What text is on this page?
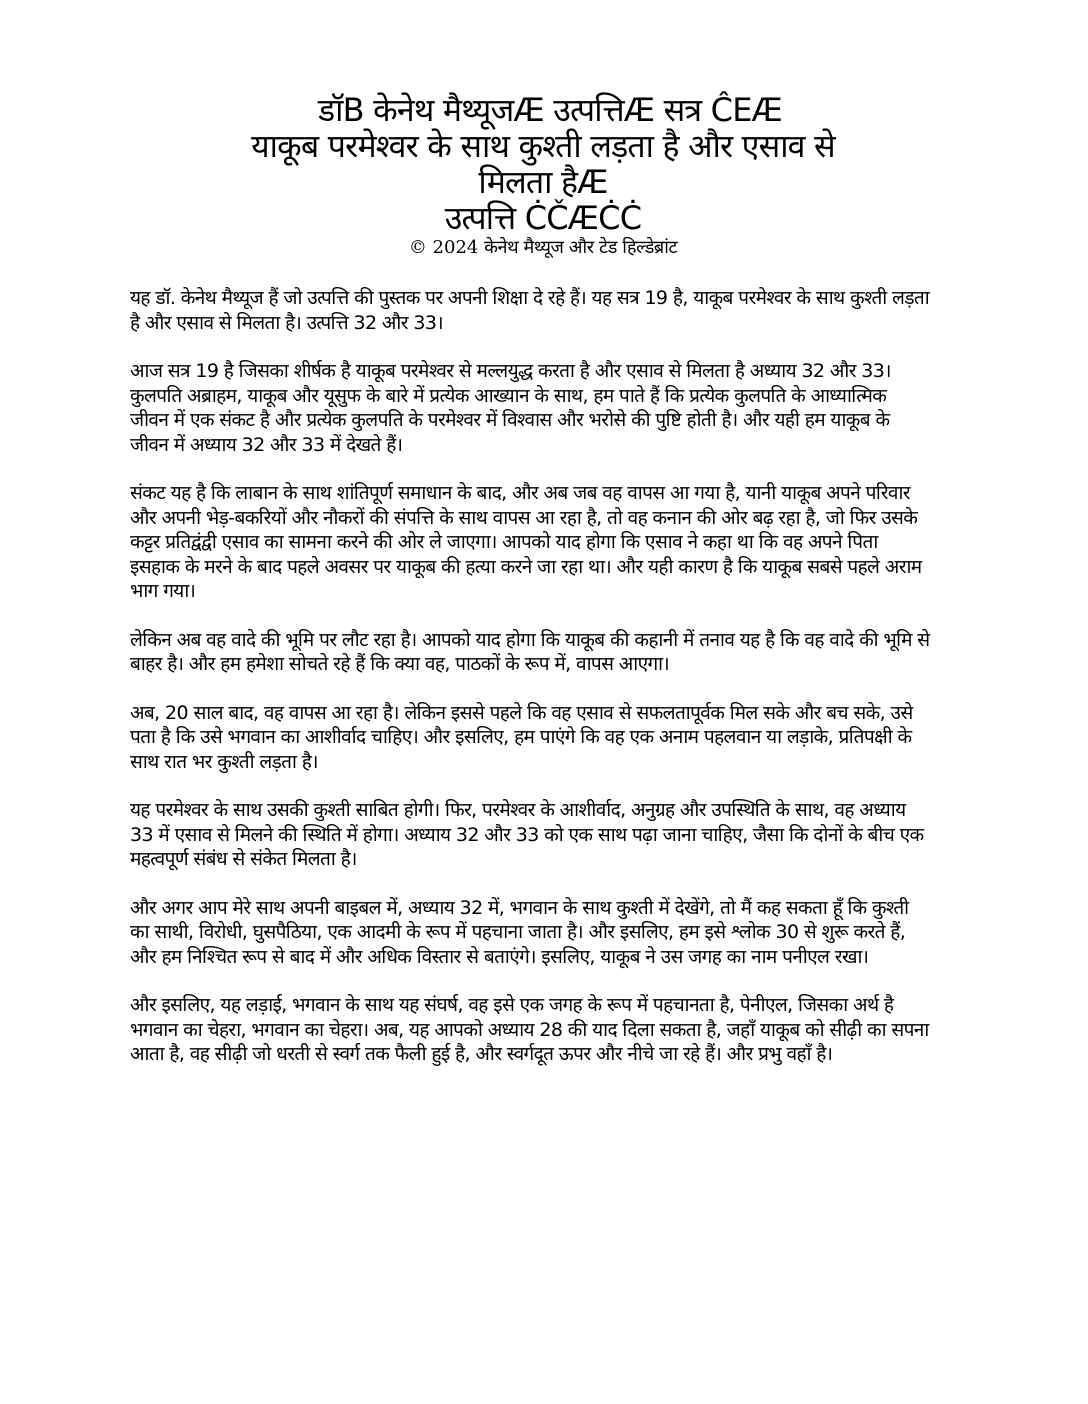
डॉB केनेथ मैथ्यूजÆ उत्पत्तिÆ सत्र ĈEÆ
याकूब परमेश्वर के साथ कुश्ती लड़ता है और एसाव से
मिलता हैÆ
उत्पत्ति ĊČÆĊĊ
© 2024 केनेथ मैथ्यूज और टेड हिल्डेब्रांट

यह डॉ. केनेथ मैथ्यूज हैं जो उत्पत्ति की पुस्तक पर अपनी शिक्षा दे रहे हैं। यह सत्र 19 है, याकूब परमेश्वर के साथ कुश्ती लड़ता है और एसाव से मिलता है। उत्पत्ति 32 और 33।

आज सत्र 19 है जिसका शीर्षक है याकूब परमेश्वर से मल्लयुद्ध करता है और एसाव से मिलता है अध्याय 32 और 33। कुलपति अब्राहम, याकूब और यूसुफ के बारे में प्रत्येक आख्यान के साथ, हम पाते हैं कि प्रत्येक कुलपति के आध्यात्मिक जीवन में एक संकट है और प्रत्येक कुलपति के परमेश्वर में विश्वास और भरोसे की पुष्टि होती है। और यही हम याकूब के जीवन में अध्याय 32 और 33 में देखते हैं।

संकट यह है कि लाबान के साथ शांतिपूर्ण समाधान के बाद, और अब जब वह वापस आ गया है, यानी याकूब अपने परिवार और अपनी भेड़-बकरियों और नौकरों की संपत्ति के साथ वापस आ रहा है, तो वह कनान की ओर बढ़ रहा है, जो फिर उसके कट्टर प्रतिद्वंद्वी एसाव का सामना करने की ओर ले जाएगा। आपको याद होगा कि एसाव ने कहा था कि वह अपने पिता इसहाक के मरने के बाद पहले अवसर पर याकूब की हत्या करने जा रहा था। और यही कारण है कि याकूब सबसे पहले अराम भाग गया।

लेकिन अब वह वादे की भूमि पर लौट रहा है। आपको याद होगा कि याकूब की कहानी में तनाव यह है कि वह वादे की भूमि से बाहर है। और हम हमेशा सोचते रहे हैं कि क्या वह, पाठकों के रूप में, वापस आएगा।

अब, 20 साल बाद, वह वापस आ रहा है। लेकिन इससे पहले कि वह एसाव से सफलतापूर्वक मिल सके और बच सके, उसे पता है कि उसे भगवान का आशीर्वाद चाहिए। और इसलिए, हम पाएंगे कि वह एक अनाम पहलवान या लड़ाके, प्रतिपक्षी के साथ रात भर कुश्ती लड़ता है।

यह परमेश्वर के साथ उसकी कुश्ती साबित होगी। फिर, परमेश्वर के आशीर्वाद, अनुग्रह और उपस्थिति के साथ, वह अध्याय 33 में एसाव से मिलने की स्थिति में होगा। अध्याय 32 और 33 को एक साथ पढ़ा जाना चाहिए, जैसा कि दोनों के बीच एक महत्वपूर्ण संबंध से संकेत मिलता है।

और अगर आप मेरे साथ अपनी बाइबल में, अध्याय 32 में, भगवान के साथ कुश्ती में देखेंगे, तो मैं कह सकता हूँ कि कुश्ती का साथी, विरोधी, घुसपैठिया, एक आदमी के रूप में पहचाना जाता है। और इसलिए, हम इसे श्लोक 30 से शुरू करते हैं, और हम निश्चित रूप से बाद में और अधिक विस्तार से बताएंगे। इसलिए, याकूब ने उस जगह का नाम पनीएल रखा।

और इसलिए, यह लड़ाई, भगवान के साथ यह संघर्ष, वह इसे एक जगह के रूप में पहचानता है, पेनीएल, जिसका अर्थ है भगवान का चेहरा, भगवान का चेहरा। अब, यह आपको अध्याय 28 की याद दिला सकता है, जहाँ याकूब को सीढ़ी का सपना आता है, वह सीढ़ी जो धरती से स्वर्ग तक फैली हुई है, और स्वर्गदूत ऊपर और नीचे जा रहे हैं। और प्रभु वहाँ है।
